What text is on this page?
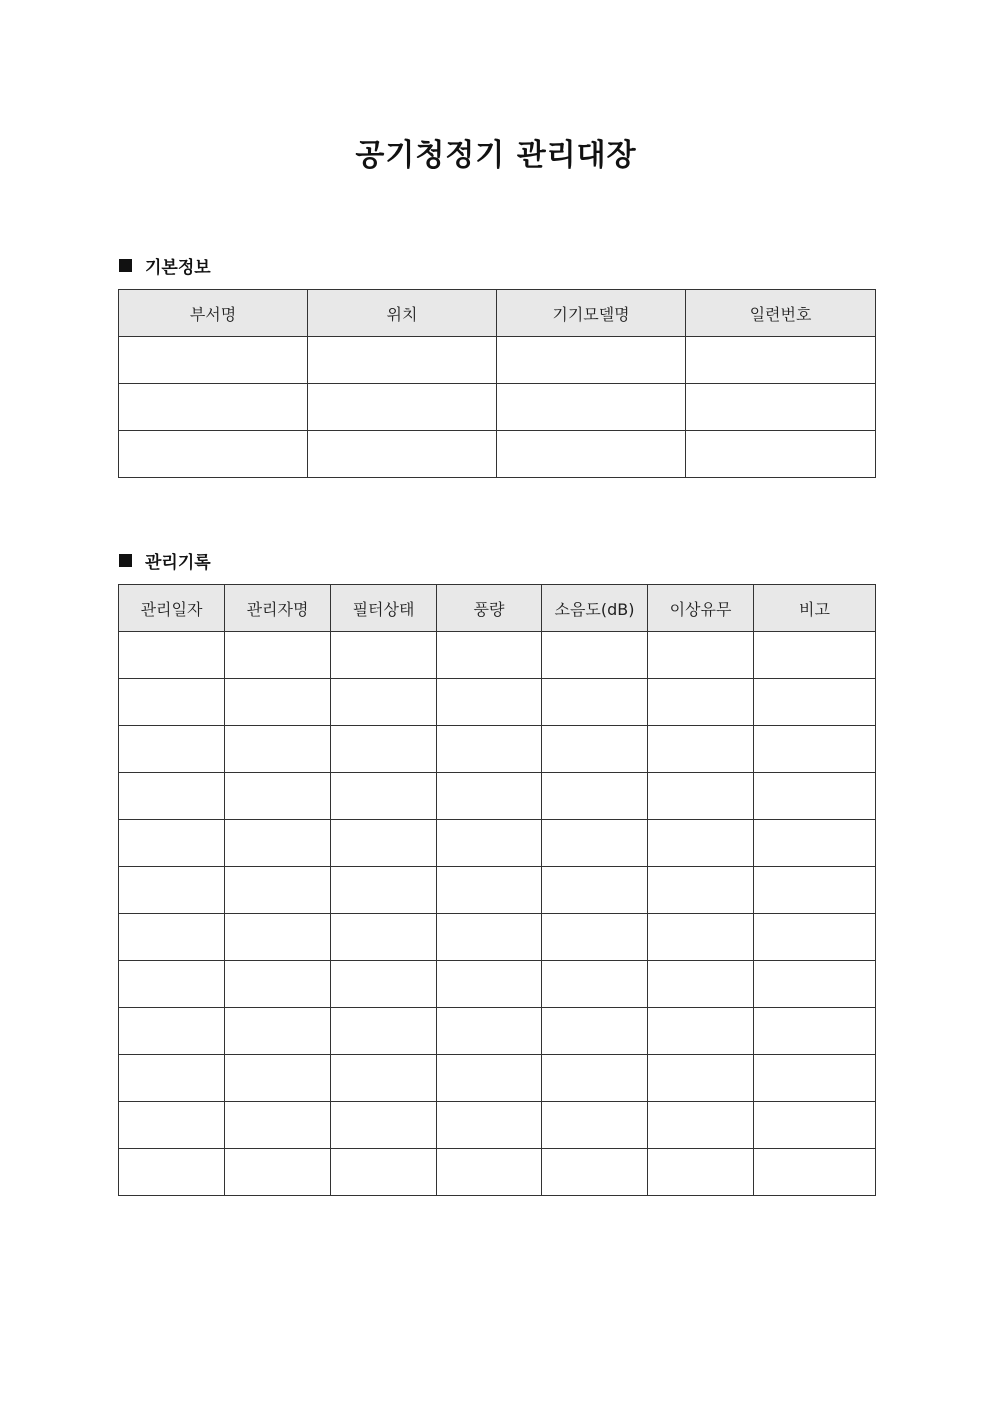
공기청정기 관리대장
기본정보
부서명	위치	기기모델명	일련번호

관리기록
관리일자	관리자명	필터상태	풍량	소음도(dB)	이상유무	비고
